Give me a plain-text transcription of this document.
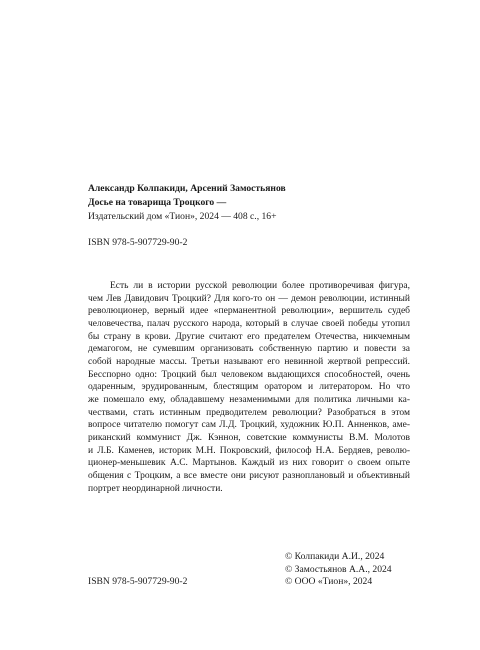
Александр Колпакиди, Арсений Замостьянов
Досье на товарища Троцкого —
Издательский дом «Тион», 2024 — 408 с., 16+
ISBN 978-5-907729-90-2
Есть ли в истории русской революции более противоречивая фигура,
чем Лев Давидович Троцкий? Для кого-то он — демон революции, истинный
революционер, верный идее «перманентной революции», вершитель судеб
человечества, палач русского народа, который в случае своей победы утопил
бы страну в крови. Другие считают его предателем Отечества, никчемным
демагогом, не сумевшим организовать собственную партию и повести за
собой народные массы. Третьи называют его невинной жертвой репрессий.
Бесспорно одно: Троцкий был человеком выдающихся способностей, очень
одаренным, эрудированным, блестящим оратором и литератором. Но что
же помешало ему, обладавшему незаменимыми для политика личными ка-
чествами, стать истинным предводителем революции? Разобраться в этом
вопросе читателю помогут сам Л.Д. Троцкий, художник Ю.П. Анненков, аме-
риканский коммунист Дж. Кэннон, советские коммунисты В.М. Молотов
и Л.Б. Каменев, историк М.Н. Покровский, философ Н.А. Бердяев, револю-
ционер-меньшевик А.С. Мартынов. Каждый из них говорит о своем опыте
общения с Троцким, а все вместе они рисуют разноплановый и объективный
портрет неординарной личности.
© Колпакиди А.И., 2024
© Замостьянов А.А., 2024
© ООО «Тион», 2024
ISBN 978-5-907729-90-2
